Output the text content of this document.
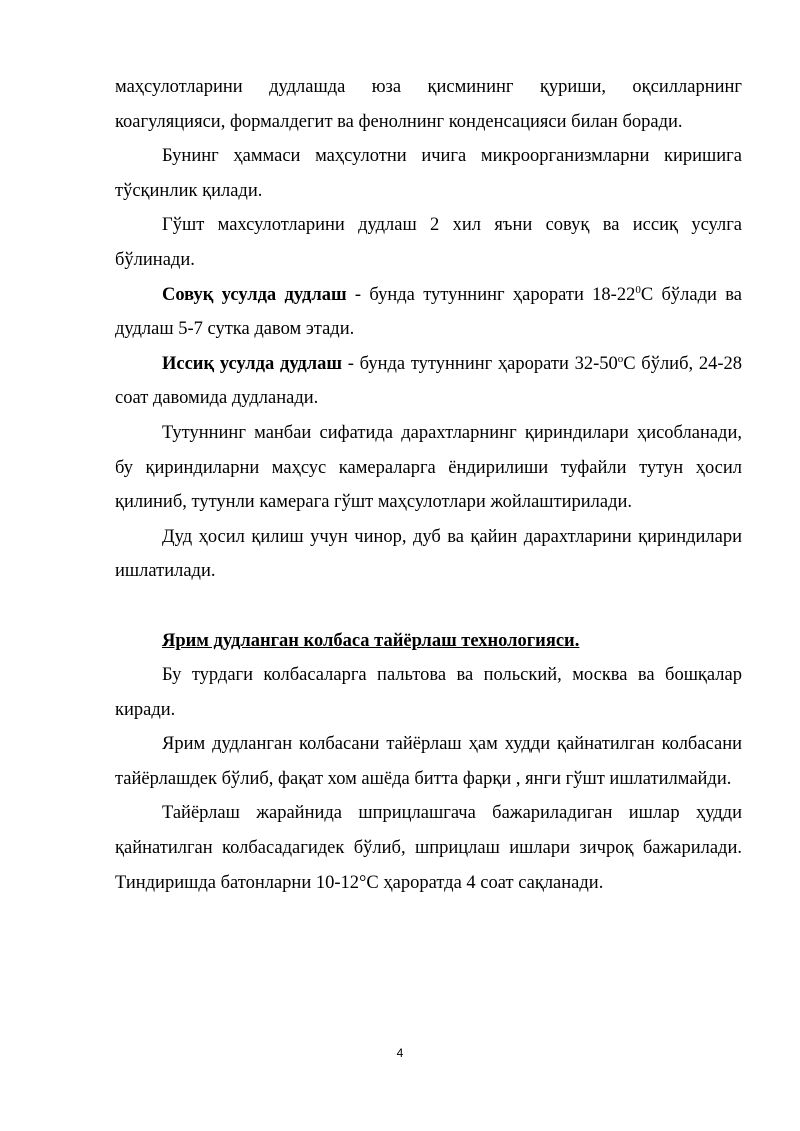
маҳсулотларини дудлашда юза қисмининг қуриши, оқсилларнинг коагуляцияси, формалдегит ва фенолнинг конденсацияси билан боради.

Бунинг ҳаммаси маҳсулотни ичига микроорганизмларни киришига тўсқинлик қилади.

Гўшт махсулотларини дудлаш 2 хил яъни совуқ ва иссиқ усулга бўлинади.

Совуқ усулда дудлаш - бунда тутуннинг ҳарорати $18-22^0С$ бўлади ва дудлаш 5-7 сутка давом этади.

Иссиқ усулда дудлаш - бунда тутуннинг ҳарорати $32-50^оС$ бўлиб, 24-28 соат давомида дудланади.

Тутуннинг манбаи сифатида дарахтларнинг қириндилари ҳисобланади, бу қириндиларни маҳсус камераларга ёндирилиши туфайли тутун ҳосил қилиниб, тутунли камерага гўшт маҳсулотлари жойлаштирилади.

Дуд ҳосил қилиш учун чинор, дуб ва қайин дарахтларини қириндилари ишлатилади.

Ярим дудланган колбаса тайёрлаш технологияси.

Бу турдаги колбасаларга пальтова ва польский, москва ва бошқалар киради.

Ярим дудланган колбасани тайёрлаш ҳам худди қайнатилган колбасани тайёрлашдек бўлиб, фақат хом ашёда битта фарқи , янги гўшт ишлатилмайди.

Тайёрлаш жарайнида шприцлашгача бажариладиган ишлар ҳудди қайнатилган колбасадагидек бўлиб, шприцлаш ишлари зичроқ бажарилади. Тиндиришда батонларни 10-12°С ҳароратда 4 соат сақланади.

4
